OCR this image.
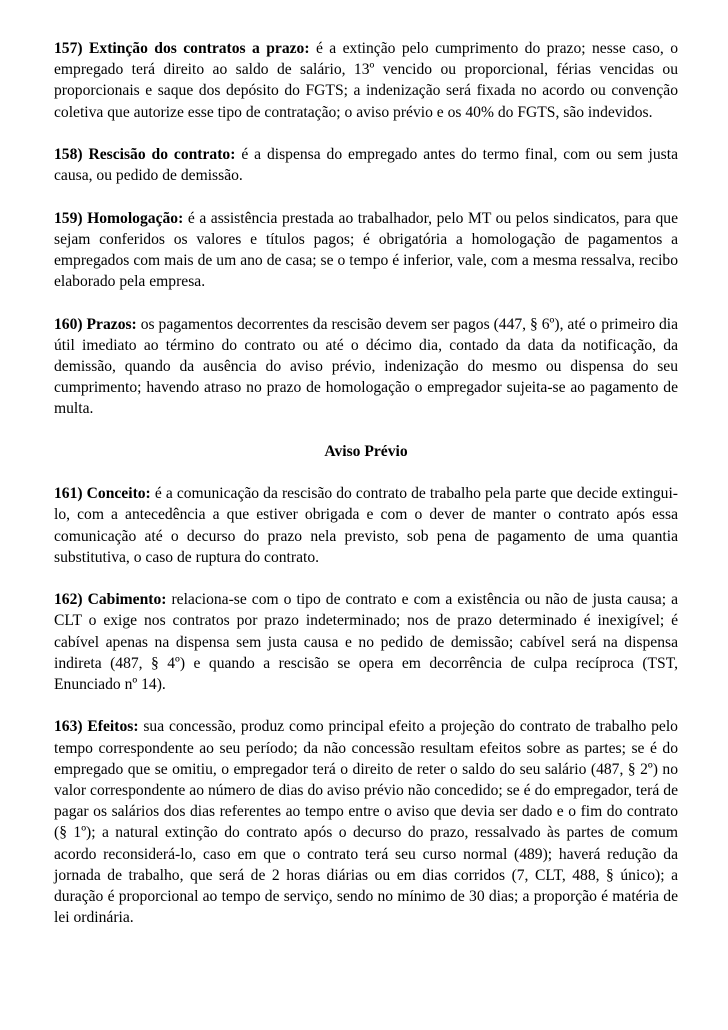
157) Extinção dos contratos a prazo: é a extinção pelo cumprimento do prazo; nesse caso, o empregado terá direito ao saldo de salário, 13º vencido ou proporcional, férias vencidas ou proporcionais e saque dos depósito do FGTS; a indenização será fixada no acordo ou convenção coletiva que autorize esse tipo de contratação; o aviso prévio e os 40% do FGTS, são indevidos.

158) Rescisão do contrato: é a dispensa do empregado antes do termo final, com ou sem justa causa, ou pedido de demissão.

159) Homologação: é a assistência prestada ao trabalhador, pelo MT ou pelos sindicatos, para que sejam conferidos os valores e títulos pagos; é obrigatória a homologação de pagamentos a empregados com mais de um ano de casa; se o tempo é inferior, vale, com a mesma ressalva, recibo elaborado pela empresa.

160) Prazos: os pagamentos decorrentes da rescisão devem ser pagos (447, § 6º), até o primeiro dia útil imediato ao término do contrato ou até o décimo dia, contado da data da notificação, da demissão, quando da ausência do aviso prévio, indenização do mesmo ou dispensa do seu cumprimento; havendo atraso no prazo de homologação o empregador sujeita-se ao pagamento de multa.

Aviso Prévio

161) Conceito: é a comunicação da rescisão do contrato de trabalho pela parte que decide extingui-lo, com a antecedência a que estiver obrigada e com o dever de manter o contrato após essa comunicação até o decurso do prazo nela previsto, sob pena de pagamento de uma quantia substitutiva, o caso de ruptura do contrato.

162) Cabimento: relaciona-se com o tipo de contrato e com a existência ou não de justa causa; a CLT o exige nos contratos por prazo indeterminado; nos de prazo determinado é inexigível; é cabível apenas na dispensa sem justa causa e no pedido de demissão; cabível será na dispensa indireta (487, § 4º) e quando a rescisão se opera em decorrência de culpa recíproca (TST, Enunciado nº 14).

163) Efeitos: sua concessão, produz como principal efeito a projeção do contrato de trabalho pelo tempo correspondente ao seu período; da não concessão resultam efeitos sobre as partes; se é do empregado que se omitiu, o empregador terá o direito de reter o saldo do seu salário (487, § 2º) no valor correspondente ao número de dias do aviso prévio não concedido; se é do empregador, terá de pagar os salários dos dias referentes ao tempo entre o aviso que devia ser dado e o fim do contrato (§ 1º); a natural extinção do contrato após o decurso do prazo, ressalvado às partes de comum acordo reconsiderá-lo, caso em que o contrato terá seu curso normal (489); haverá redução da jornada de trabalho, que será de 2 horas diárias ou em dias corridos (7, CLT, 488, § único); a duração é proporcional ao tempo de serviço, sendo no mínimo de 30 dias; a proporção é matéria de lei ordinária.
